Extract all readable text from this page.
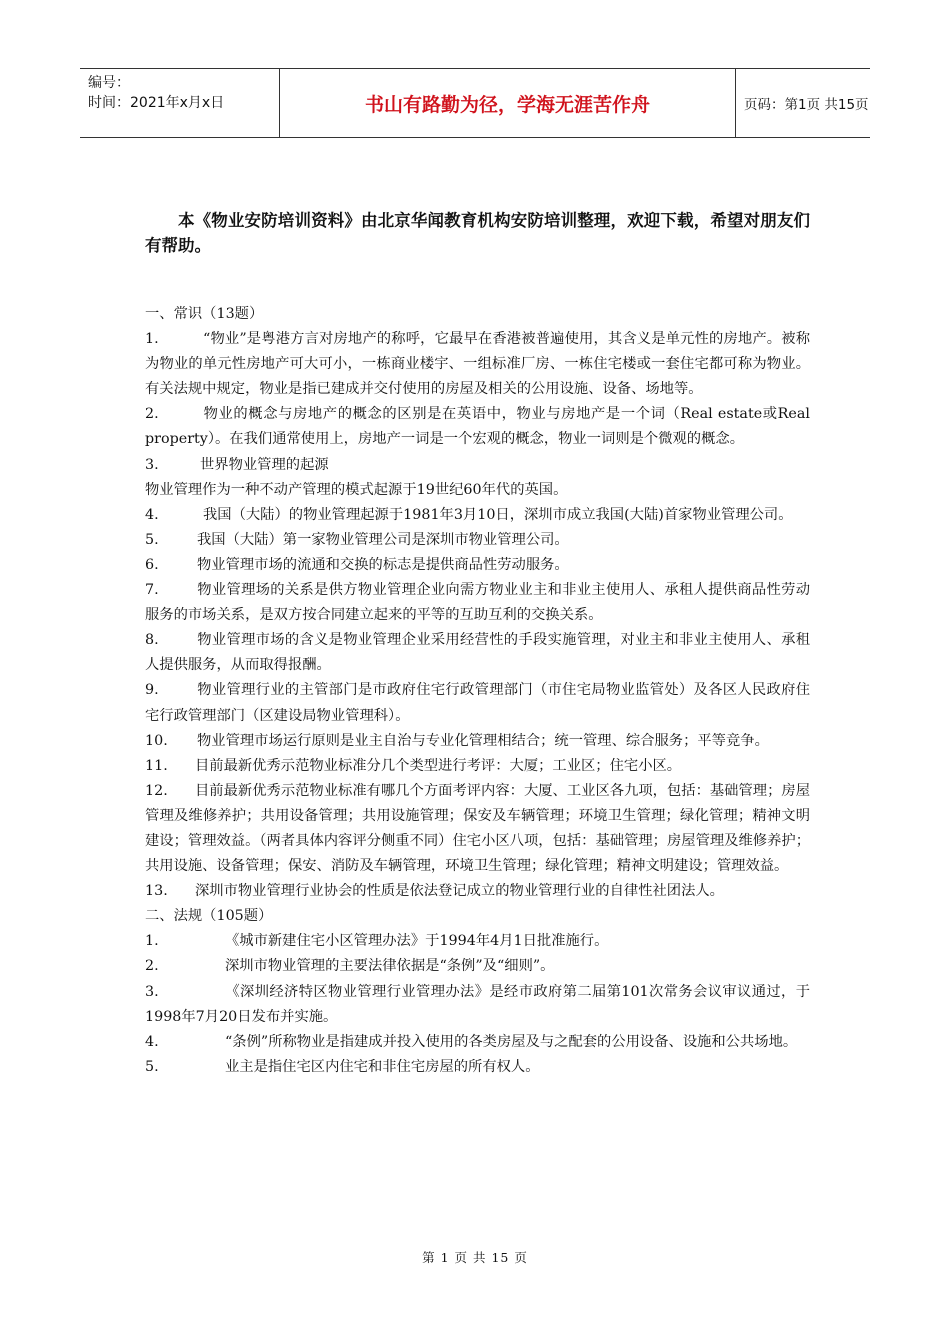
编号：
时间：2021年x月x日	书山有路勤为径，学海无涯苦作舟	页码：第1页 共15页
本《物业安防培训资料》由北京华闻教育机构安防培训整理，欢迎下载，希望对朋友们有帮助。

一、常识（13题）

1.	“物业”是粤港方言对房地产的称呼，它最早在香港被普遍使用，其含义是单元性的房地产。被称为物业的单元性房地产可大可小，一栋商业楼宇、一组标准厂房、一栋住宅楼或一套住宅都可称为物业。有关法规中规定，物业是指已建成并交付使用的房屋及相关的公用设施、设备、场地等。

2.	物业的概念与房地产的概念的区别是在英语中，物业与房地产是一个词（Real estate或Real property）。在我们通常使用上，房地产一词是一个宏观的概念，物业一词则是个微观的概念。

3.	世界物业管理的起源

物业管理作为一种不动产管理的模式起源于19世纪60年代的英国。

4.	我国（大陆）的物业管理起源于1981年3月10日，深圳市成立我国(大陆)首家物业管理公司。

5.	我国（大陆）第一家物业管理公司是深圳市物业管理公司。

6.	物业管理市场的流通和交换的标志是提供商品性劳动服务。

7.	物业管理场的关系是供方物业管理企业向需方物业业主和非业主使用人、承租人提供商品性劳动服务的市场关系，是双方按合同建立起来的平等的互助互利的交换关系。

8.	物业管理市场的含义是物业管理企业采用经营性的手段实施管理，对业主和非业主使用人、承租人提供服务，从而取得报酬。

9.	物业管理行业的主管部门是市政府住宅行政管理部门（市住宅局物业监管处）及各区人民政府住宅行政管理部门（区建设局物业管理科）。

10. 物业管理市场运行原则是业主自治与专业化管理相结合；统一管理、综合服务；平等竞争。

11. 目前最新优秀示范物业标准分几个类型进行考评：大厦；工业区；住宅小区。

12. 目前最新优秀示范物业标准有哪几个方面考评内容：大厦、工业区各九项，包括：基础管理；房屋管理及维修养护；共用设备管理；共用设施管理；保安及车辆管理；环境卫生管理；绿化管理；精神文明建设；管理效益。（两者具体内容评分侧重不同）住宅小区八项，包括：基础管理；房屋管理及维修养护；共用设施、设备管理；保安、消防及车辆管理，环境卫生管理；绿化管理；精神文明建设；管理效益。

13. 深圳市物业管理行业协会的性质是依法登记成立的物业管理行业的自律性社团法人。

二、法规（105题）

1.	《城市新建住宅小区管理办法》于1994年4月1日批准施行。

2.	深圳市物业管理的主要法律依据是“条例”及“细则”。

3.	《深圳经济特区物业管理行业管理办法》是经市政府第二届第101次常务会议审议通过，于1998年7月20日发布并实施。

4.	“条例”所称物业是指建成并投入使用的各类房屋及与之配套的公用设备、设施和公共场地。

5.	业主是指住宅区内住宅和非住宅房屋的所有权人。

第 1 页 共 15 页
